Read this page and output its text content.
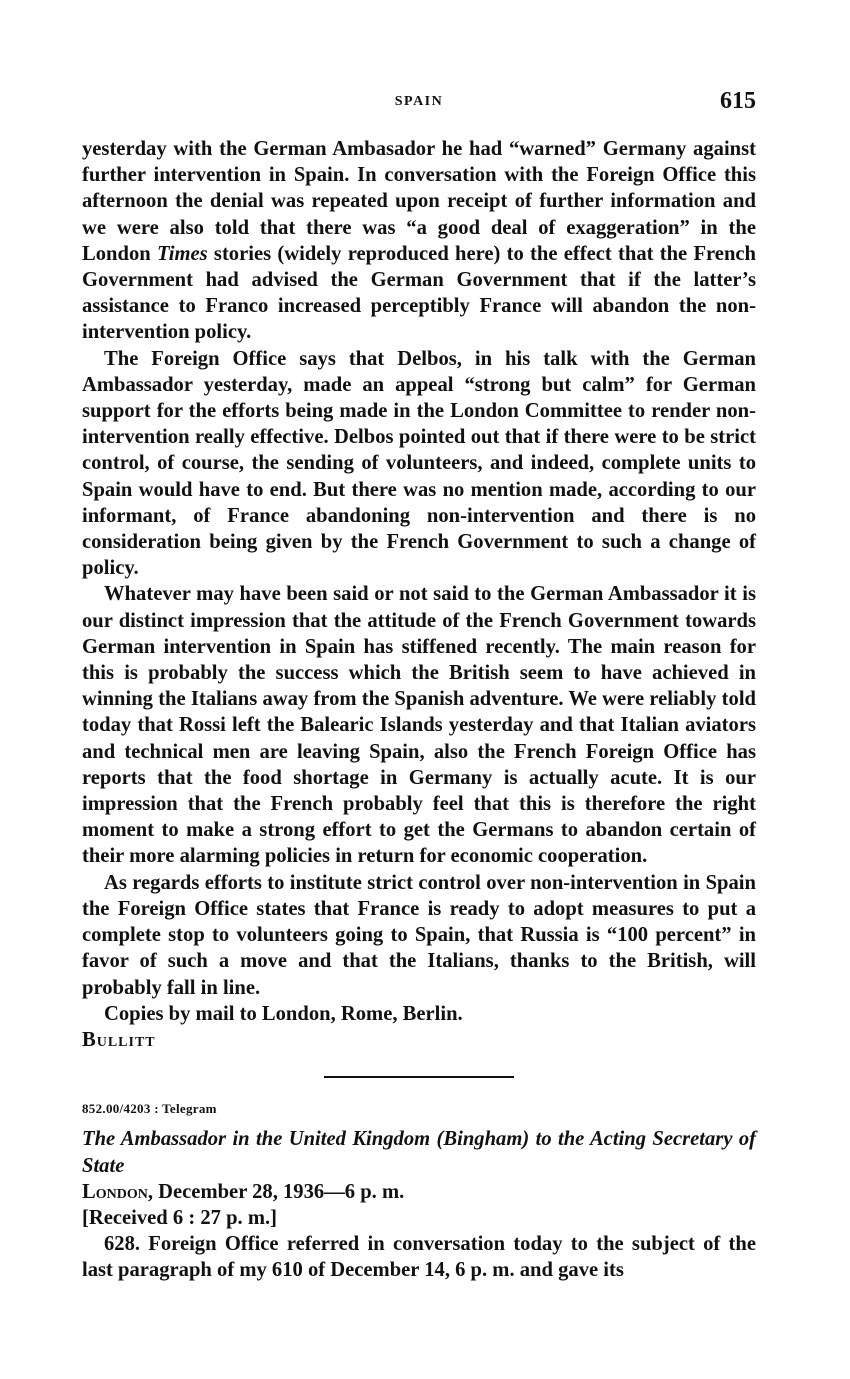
SPAIN	615

yesterday with the German Ambasador he had “warned” Germany against further intervention in Spain. In conversation with the Foreign Office this afternoon the denial was repeated upon receipt of further information and we were also told that there was “a good deal of exaggeration” in the London Times stories (widely reproduced here) to the effect that the French Government had advised the German Government that if the latter’s assistance to Franco increased perceptibly France will abandon the non-intervention policy.

The Foreign Office says that Delbos, in his talk with the German Ambassador yesterday, made an appeal “strong but calm” for German support for the efforts being made in the London Committee to render non-intervention really effective. Delbos pointed out that if there were to be strict control, of course, the sending of volunteers, and indeed, complete units to Spain would have to end. But there was no mention made, according to our informant, of France abandoning non-intervention and there is no consideration being given by the French Government to such a change of policy.

Whatever may have been said or not said to the German Ambassador it is our distinct impression that the attitude of the French Government towards German intervention in Spain has stiffened recently. The main reason for this is probably the success which the British seem to have achieved in winning the Italians away from the Spanish adventure. We were reliably told today that Rossi left the Balearic Islands yesterday and that Italian aviators and technical men are leaving Spain, also the French Foreign Office has reports that the food shortage in Germany is actually acute. It is our impression that the French probably feel that this is therefore the right moment to make a strong effort to get the Germans to abandon certain of their more alarming policies in return for economic cooperation.

As regards efforts to institute strict control over non-intervention in Spain the Foreign Office states that France is ready to adopt measures to put a complete stop to volunteers going to Spain, that Russia is “100 percent” in favor of such a move and that the Italians, thanks to the British, will probably fall in line.

Copies by mail to London, Rome, Berlin.

Bullitt

852.00/4203 : Telegram

The Ambassador in the United Kingdom (Bingham) to the Acting Secretary of State

London, December 28, 1936—6 p. m.

[Received 6 : 27 p. m.]

628. Foreign Office referred in conversation today to the subject of the last paragraph of my 610 of December 14, 6 p. m. and gave its
